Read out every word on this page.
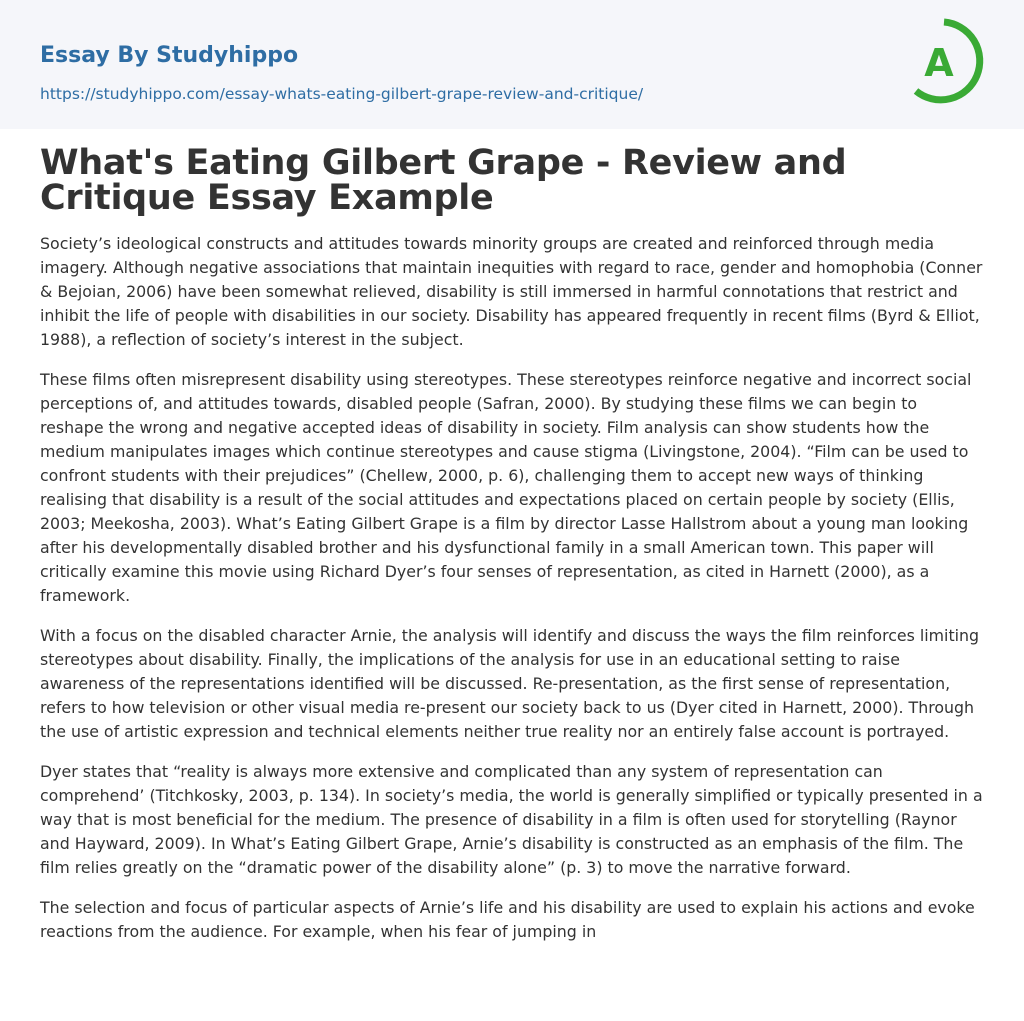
Essay By Studyhippo
https://studyhippo.com/essay-whats-eating-gilbert-grape-review-and-critique/
A
What's Eating Gilbert Grape - Review and Critique Essay Example

Society’s ideological constructs and attitudes towards minority groups are created and reinforced through media imagery. Although negative associations that maintain inequities with regard to race, gender and homophobia (Conner & Bejoian, 2006) have been somewhat relieved, disability is still immersed in harmful connotations that restrict and inhibit the life of people with disabilities in our society. Disability has appeared frequently in recent films (Byrd & Elliot, 1988), a reflection of society’s interest in the subject.

These films often misrepresent disability using stereotypes. These stereotypes reinforce negative and incorrect social perceptions of, and attitudes towards, disabled people (Safran, 2000). By studying these films we can begin to reshape the wrong and negative accepted ideas of disability in society. Film analysis can show students how the medium manipulates images which continue stereotypes and cause stigma (Livingstone, 2004). “Film can be used to confront students with their prejudices” (Chellew, 2000, p. 6), challenging them to accept new ways of thinking realising that disability is a result of the social attitudes and expectations placed on certain people by society (Ellis, 2003; Meekosha, 2003). What’s Eating Gilbert Grape is a film by director Lasse Hallstrom about a young man looking after his developmentally disabled brother and his dysfunctional family in a small American town. This paper will critically examine this movie using Richard Dyer’s four senses of representation, as cited in Harnett (2000), as a framework.

With a focus on the disabled character Arnie, the analysis will identify and discuss the ways the film reinforces limiting stereotypes about disability. Finally, the implications of the analysis for use in an educational setting to raise awareness of the representations identified will be discussed. Re-presentation, as the first sense of representation, refers to how television or other visual media re-present our society back to us (Dyer cited in Harnett, 2000). Through the use of artistic expression and technical elements neither true reality nor an entirely false account is portrayed.

Dyer states that “reality is always more extensive and complicated than any system of representation can comprehend’ (Titchkosky, 2003, p. 134). In society’s media, the world is generally simplified or typically presented in a way that is most beneficial for the medium. The presence of disability in a film is often used for storytelling (Raynor and Hayward, 2009). In What’s Eating Gilbert Grape, Arnie’s disability is constructed as an emphasis of the film. The film relies greatly on the “dramatic power of the disability alone” (p. 3) to move the narrative forward.

The selection and focus of particular aspects of Arnie’s life and his disability are used to explain his actions and evoke reactions from the audience. For example, when his fear of jumping in
